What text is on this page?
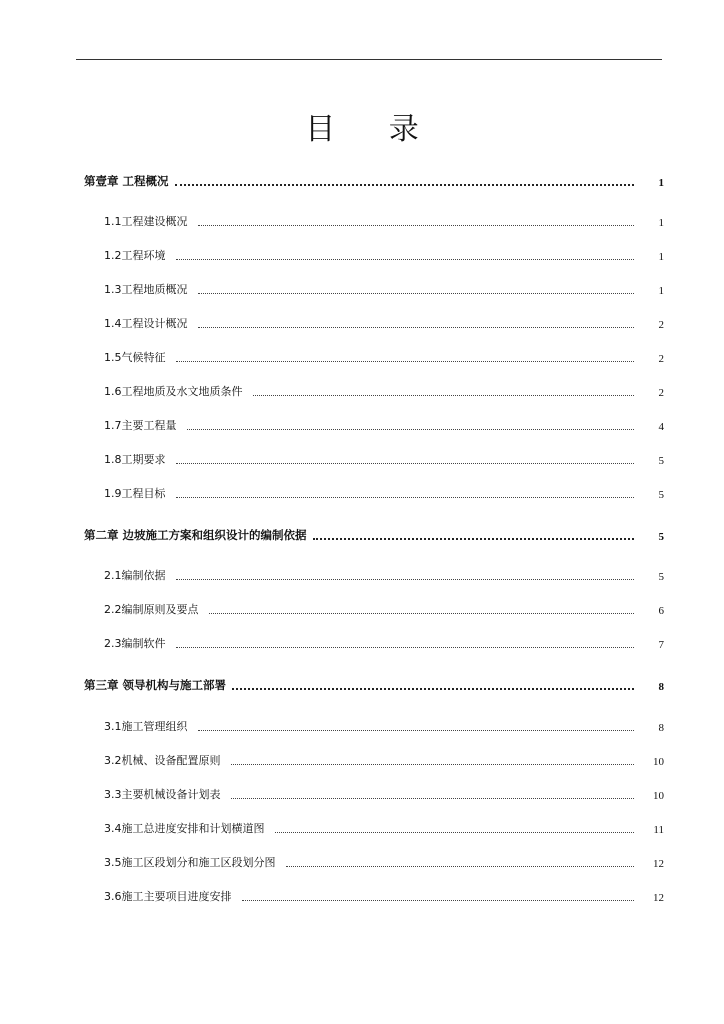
目 录
第壹章 工程概况	1
1.1工程建设概况	1
1.2工程环境	1
1.3工程地质概况	1
1.4工程设计概况	2
1.5气候特征	2
1.6工程地质及水文地质条件	2
1.7主要工程量	4
1.8工期要求	5
1.9工程目标	5
第二章 边坡施工方案和组织设计的编制依据	5
2.1编制依据	5
2.2编制原则及要点	6
2.3编制软件	7
第三章 领导机构与施工部署	8
3.1施工管理组织	8
3.2机械、设备配置原则	10
3.3主要机械设备计划表	10
3.4施工总进度安排和计划横道图	11
3.5施工区段划分和施工区段划分图	12
3.6施工主要项目进度安排	12
